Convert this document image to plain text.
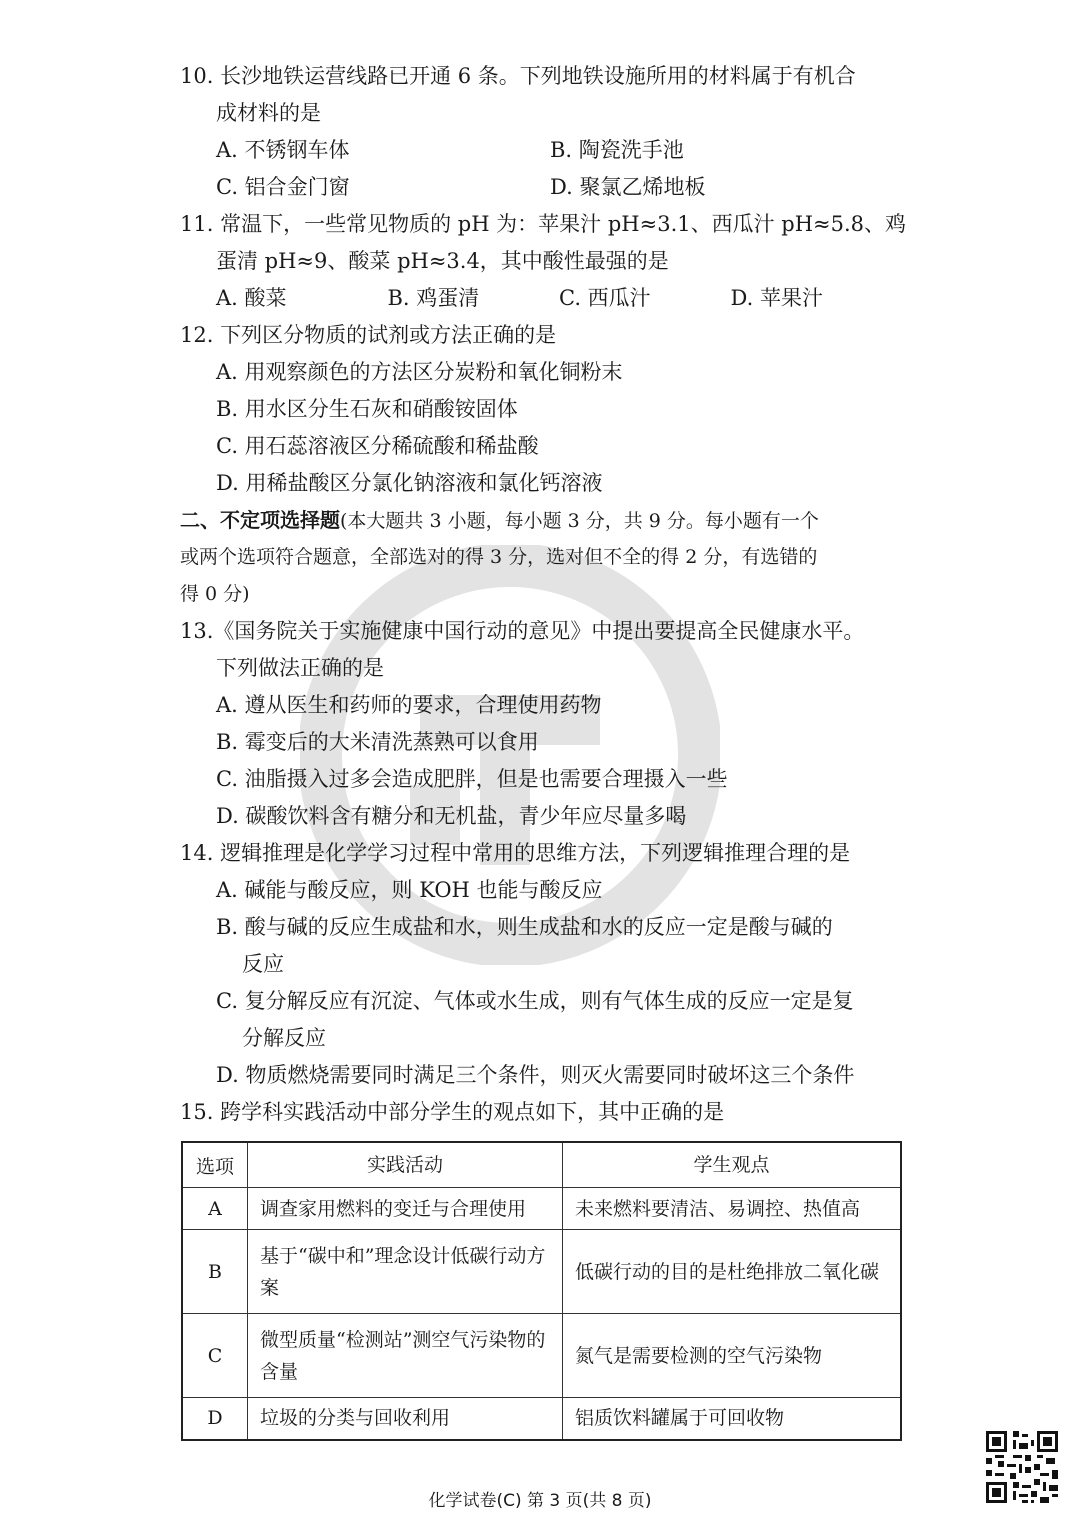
10. 长沙地铁运营线路已开通 6 条。下列地铁设施所用的材料属于有机合
成材料的是
A. 不锈钢车体	B. 陶瓷洗手池
C. 铝合金门窗	D. 聚氯乙烯地板
11. 常温下，一些常见物质的 pH 为：苹果汁 pH≈3.1、西瓜汁 pH≈5.8、鸡
蛋清 pH≈9、酸菜 pH≈3.4，其中酸性最强的是
A. 酸菜	B. 鸡蛋清	C. 西瓜汁	D. 苹果汁
12. 下列区分物质的试剂或方法正确的是
A. 用观察颜色的方法区分炭粉和氧化铜粉末
B. 用水区分生石灰和硝酸铵固体
C. 用石蕊溶液区分稀硫酸和稀盐酸
D. 用稀盐酸区分氯化钠溶液和氯化钙溶液
二、不定项选择题(本大题共 3 小题，每小题 3 分，共 9 分。每小题有一个
或两个选项符合题意，全部选对的得 3 分，选对但不全的得 2 分，有选错的
得 0 分)
13.《国务院关于实施健康中国行动的意见》中提出要提高全民健康水平。
下列做法正确的是
A. 遵从医生和药师的要求，合理使用药物
B. 霉变后的大米清洗蒸熟可以食用
C. 油脂摄入过多会造成肥胖，但是也需要合理摄入一些
D. 碳酸饮料含有糖分和无机盐，青少年应尽量多喝
14. 逻辑推理是化学学习过程中常用的思维方法，下列逻辑推理合理的是
A. 碱能与酸反应，则 KOH 也能与酸反应
B. 酸与碱的反应生成盐和水，则生成盐和水的反应一定是酸与碱的
反应
C. 复分解反应有沉淀、气体或水生成，则有气体生成的反应一定是复
分解反应
D. 物质燃烧需要同时满足三个条件，则灭火需要同时破坏这三个条件
15. 跨学科实践活动中部分学生的观点如下，其中正确的是
选项	实践活动	学生观点
A	调查家用燃料的变迁与合理使用	未来燃料要清洁、易调控、热值高
B	基于“碳中和”理念设计低碳行动方案	低碳行动的目的是杜绝排放二氧化碳
C	微型质量“检测站”测空气污染物的含量	氮气是需要检测的空气污染物
D	垃圾的分类与回收利用	铝质饮料罐属于可回收物
化学试卷(C) 第 3 页(共 8 页)
